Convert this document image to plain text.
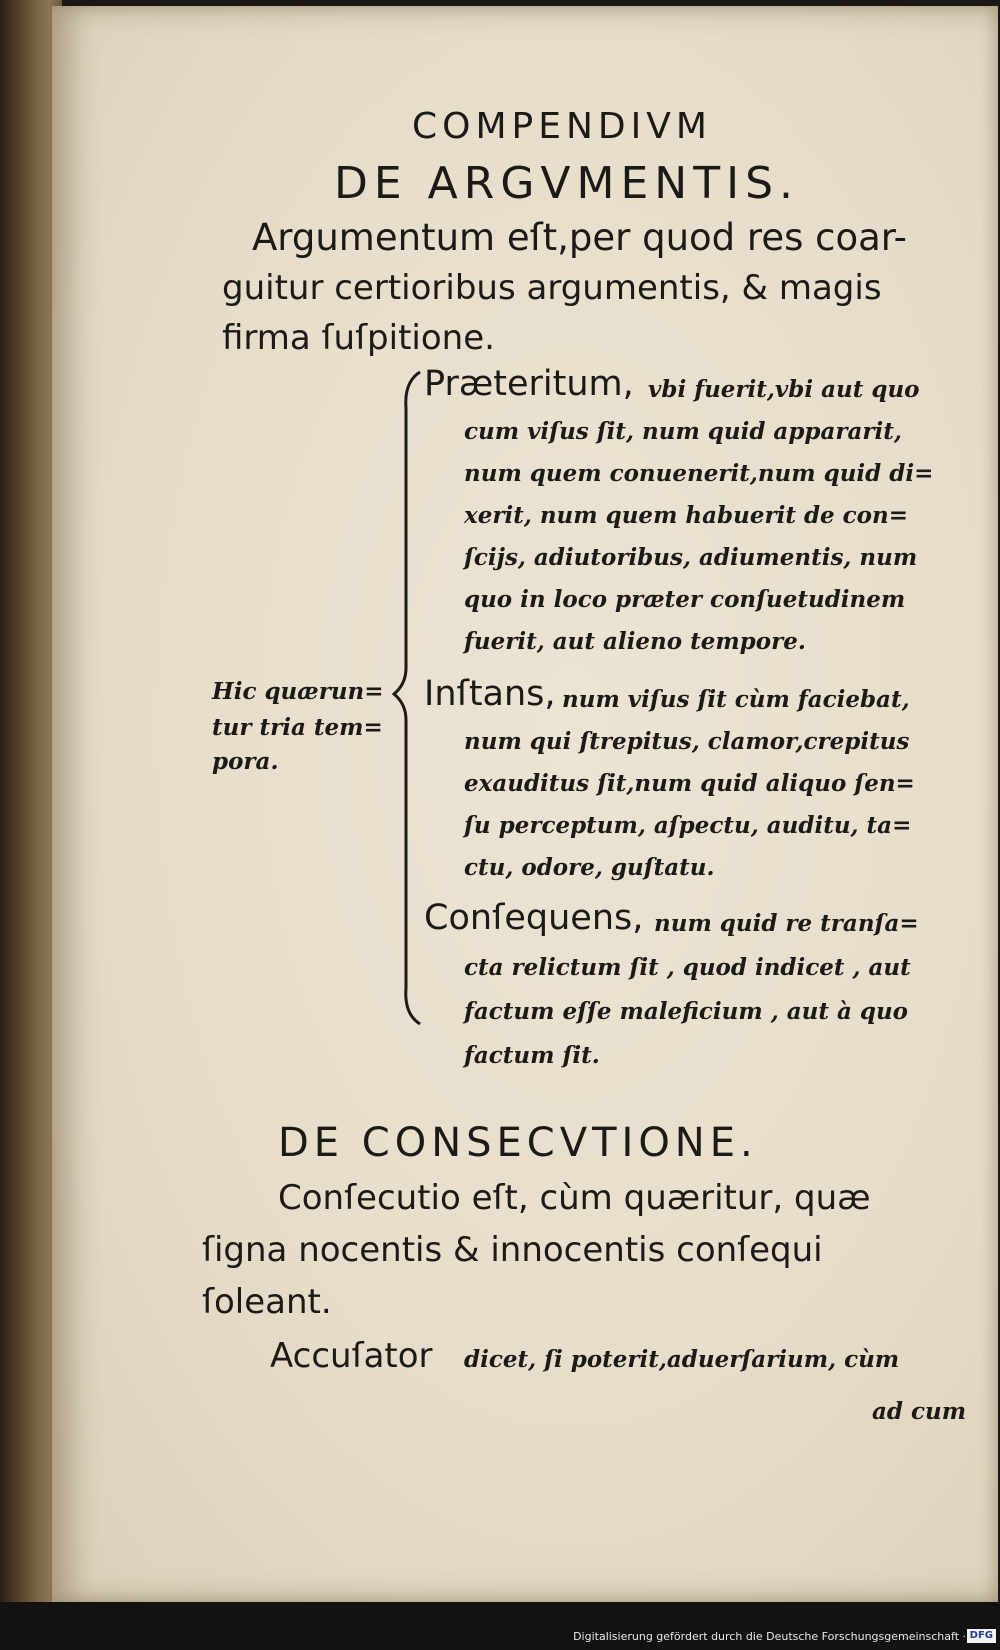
COMPENDIVM
DE ARGVMENTIS.
Argumentum eſt,per quod res coar-
guitur certioribus argumentis, & magis
firma ſuſpitione.
Hic quærun=
tur tria tem=
pora.
Præteritum, vbi fuerit,vbi aut quo
cum viſus ſit, num quid appararit,
num quem conuenerit,num quid di=
xerit, num quem habuerit de con=
ſcijs, adiutoribus, adiumentis, num
quo in loco præter conſuetudinem
fuerit, aut alieno tempore.
Inſtans, num viſus ſit cùm faciebat,
num qui ſtrepitus, clamor,crepitus
exauditus ſit,num quid aliquo ſen=
ſu perceptum, aſpectu, auditu, ta=
ctu, odore, guſtatu.
Conſequens, num quid re tranſa=
cta relictum ſit , quod indicet , aut
factum eſſe maleficium , aut à quo
factum ſit.
DE CONSECVTIONE.
Conſecutio eſt, cùm quæritur, quæ
ſigna nocentis & innocentis conſequi
ſoleant.
Accuſator dicet, ſi poterit,aduerſarium, cùm
ad cum
Digitalisierung gefördert durch die Deutsche Forschungsgemeinschaft · DFG
